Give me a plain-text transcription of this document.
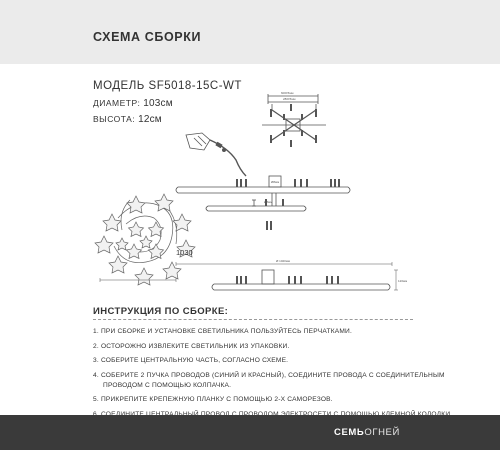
СХЕМА СБОРКИ
МОДЕЛЬ SF5018-15C-WT
ДИАМЕТР: 103см
ВЫСОТА: 12см
1030
600±5мм
280±5мм
Ø8мм
Ø8мм
Ø 1020мм
120мм
ИНСТРУКЦИЯ ПО СБОРКЕ:
1. ПРИ СБОРКЕ И УСТАНОВКЕ СВЕТИЛЬНИКА ПОЛЬЗУЙТЕСЬ ПЕРЧАТКАМИ.
2. ОСТОРОЖНО ИЗВЛЕКИТЕ СВЕТИЛЬНИК ИЗ УПАКОВКИ.
3. СОБЕРИТЕ ЦЕНТРАЛЬНУЮ ЧАСТЬ, СОГЛАСНО СХЕМЕ.
4. СОБЕРИТЕ 2 ПУЧКА ПРОВОДОВ (СИНИЙ И КРАСНЫЙ), СОЕДИНИТЕ ПРОВОДА С СОЕДИНИТЕЛЬНЫМ
ПРОВОДОМ С ПОМОЩЬЮ КОЛПАЧКА.
5. ПРИКРЕПИТЕ КРЕПЕЖНУЮ ПЛАНКУ С ПОМОЩЬЮ 2-Х САМОРЕЗОВ.
СЕМЬОГНЕЙ
